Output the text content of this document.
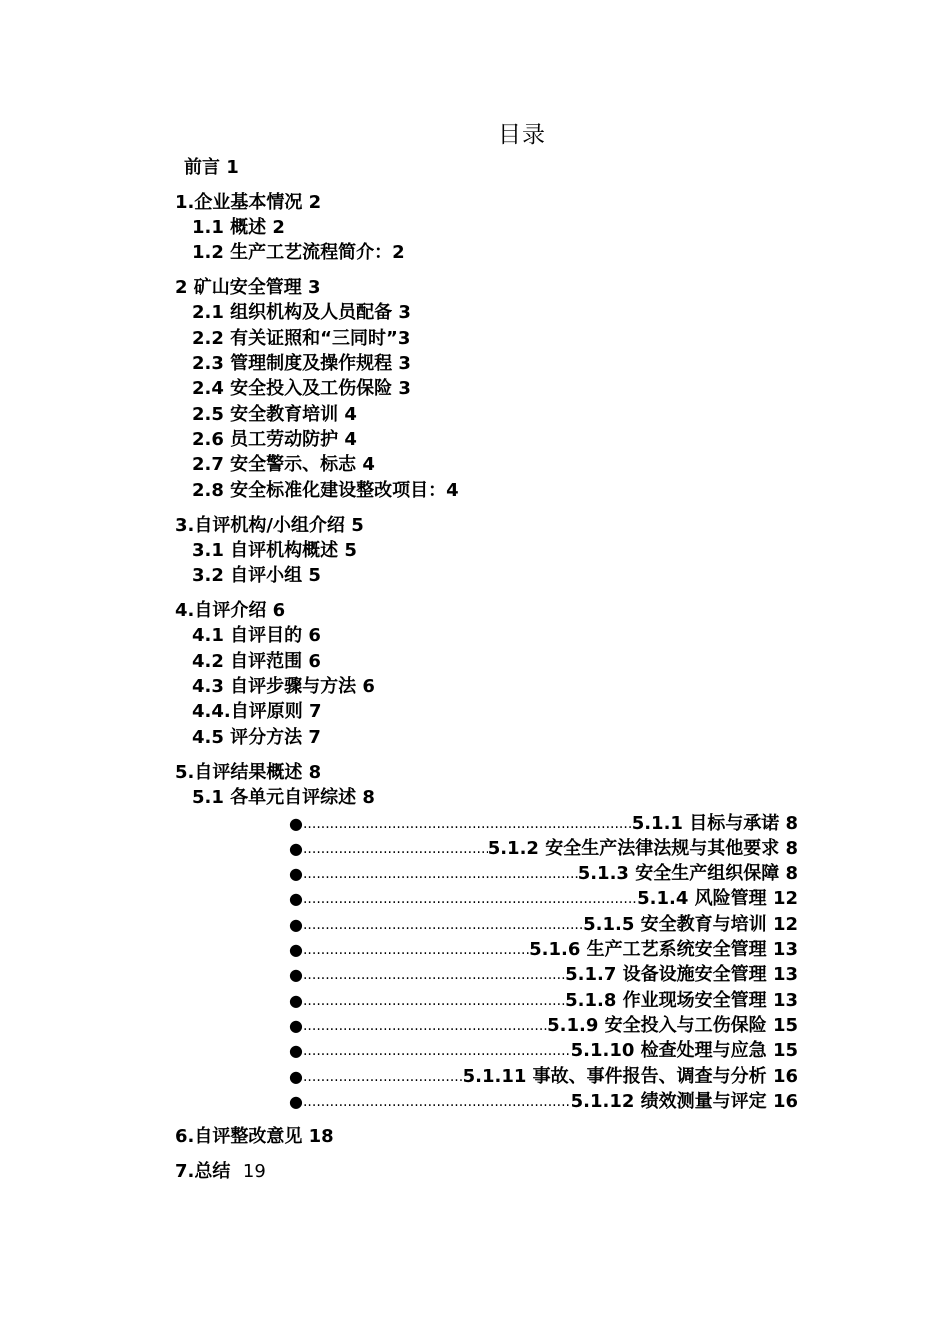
目录
前言 1
1.企业基本情况 2
1.1 概述 2
1.2 生产工艺流程简介：2
2 矿山安全管理 3
2.1 组织机构及人员配备 3
2.2 有关证照和“三同时”3
2.3 管理制度及操作规程 3
2.4 安全投入及工伤保险 3
2.5 安全教育培训 4
2.6 员工劳动防护 4
2.7 安全警示、标志 4
2.8 安全标准化建设整改项目：4
3.自评机构/小组介绍 5
3.1 自评机构概述 5
3.2 自评小组 5
4.自评介绍 6
4.1 自评目的 6
4.2 自评范围 6
4.3 自评步骤与方法 6
4.4.自评原则 7
4.5 评分方法 7
5.自评结果概述 8
5.1 各单元自评综述 8
● .....	5.1.1 目标与承诺 8
● .....	5.1.2 安全生产法律法规与其他要求 8
● .....	5.1.3 安全生产组织保障 8
● .....	5.1.4 风险管理 12
● .....	5.1.5 安全教育与培训 12
● .....	5.1.6 生产工艺系统安全管理 13
● .....	5.1.7 设备设施安全管理 13
● .....	5.1.8 作业现场安全管理 13
● .....	5.1.9 安全投入与工伤保险 15
● .....	5.1.10 检查处理与应急 15
● .....	5.1.11 事故、事件报告、调查与分析 16
● .....	5.1.12 绩效测量与评定 16
6.自评整改意见 18
7.总结 19
